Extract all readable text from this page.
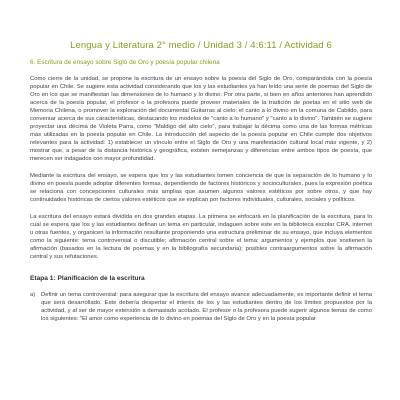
Lengua y Literatura 2° medio / Unidad 3 / 4:6:11 / Actividad 6
6. Escritura de ensayo sobre Siglo de Oro y poesía popular chilena

Como cierre de la unidad, se propone la escritura de un ensayo sobre la poesía del Siglo de Oro, comparándola con la poesía popular en Chile. Se sugiere esta actividad considerando que los y las estudiantes ya han leído una serie de poemas del Siglo de Oro en los que se manifiestan las dimensiones de lo humano y lo divino. Por otra parte, si bien en años anteriores han aprendido acerca de la poesía popular, el profesor o la profesora puede proveer materiales de la tradición de poetas en el sitio web de Memoria Chilena, o promover la exploración del documental Guitarras al cielo: el canto a lo divino en la comuna de Cabildo, para conversar acerca de sus características, destacando los modelos de "canto a lo humano" y "canto a lo divino". También se sugiere proyectar una décima de Violeta Parra, como "Maldigo del alto cielo", para trabajar la décima como una de las formas métricas más utilizadas en la poesía popular en Chile. La introducción del aspecto de la poesía popular en Chile cumple dos objetivos relevantes para la actividad: 1) establecer un vínculo entre el Siglo de Oro y una manifestación cultural local más vigente, y 2) mostrar que, a pesar de la distancia histórica y geográfica, existen semejanzas y diferencias entre ambos tipos de poesía, que merecen ser indagados con mayor profundidad.

Mediante la escritura del ensayo, se espera que los y las estudiantes tomen conciencia de que la separación de lo humano y lo divino en poesía puede adoptar diferentes formas, dependiendo de factores históricos y socioculturales, pues la expresión poética se relaciona con concepciones culturales más amplias que asumen algunos valores estéticos por sobre otros, y que hay continuidades históricas de ciertos valores estéticos que se explican por factores individuales, culturales, sociales y políticos.

La escritura del ensayo estará dividida en dos grandes etapas. La primera se enfocará en la planificación de la escritura, para lo cual se espera que los y las estudiantes definan un tema en particular, indaguen sobre este en la biblioteca escolar CRA, internet u otras fuentes, y organicen la información resultante proponiendo una estructura preliminar de su ensayo, que incluya elementos como la siguiente: tema controversial o discutible; afirmación central sobre el tema; argumentos y ejemplos que sostienen la afirmación (basados en la lectura de poemas y en la bibliografía secundaria); posibles contraargumentos sobre la afirmación central y sus refutaciones.

Etapa 1: Planificación de la escritura
a) Definir un tema controversial: para asegurar que la escritura del ensayo avance adecuadamente, es importante definir el tema que será desarrollado. Este debería despertar el interés de los y las estudiantes dentro de los límites propuestos por la actividad, y al ser de mayor extensión a demasiado acotado. El profesor o la profesora puede sugerir algunos temas de como los siguientes: "El amor como experiencia de lo divino en poemas del Siglo de Oro y en la poesía popular
